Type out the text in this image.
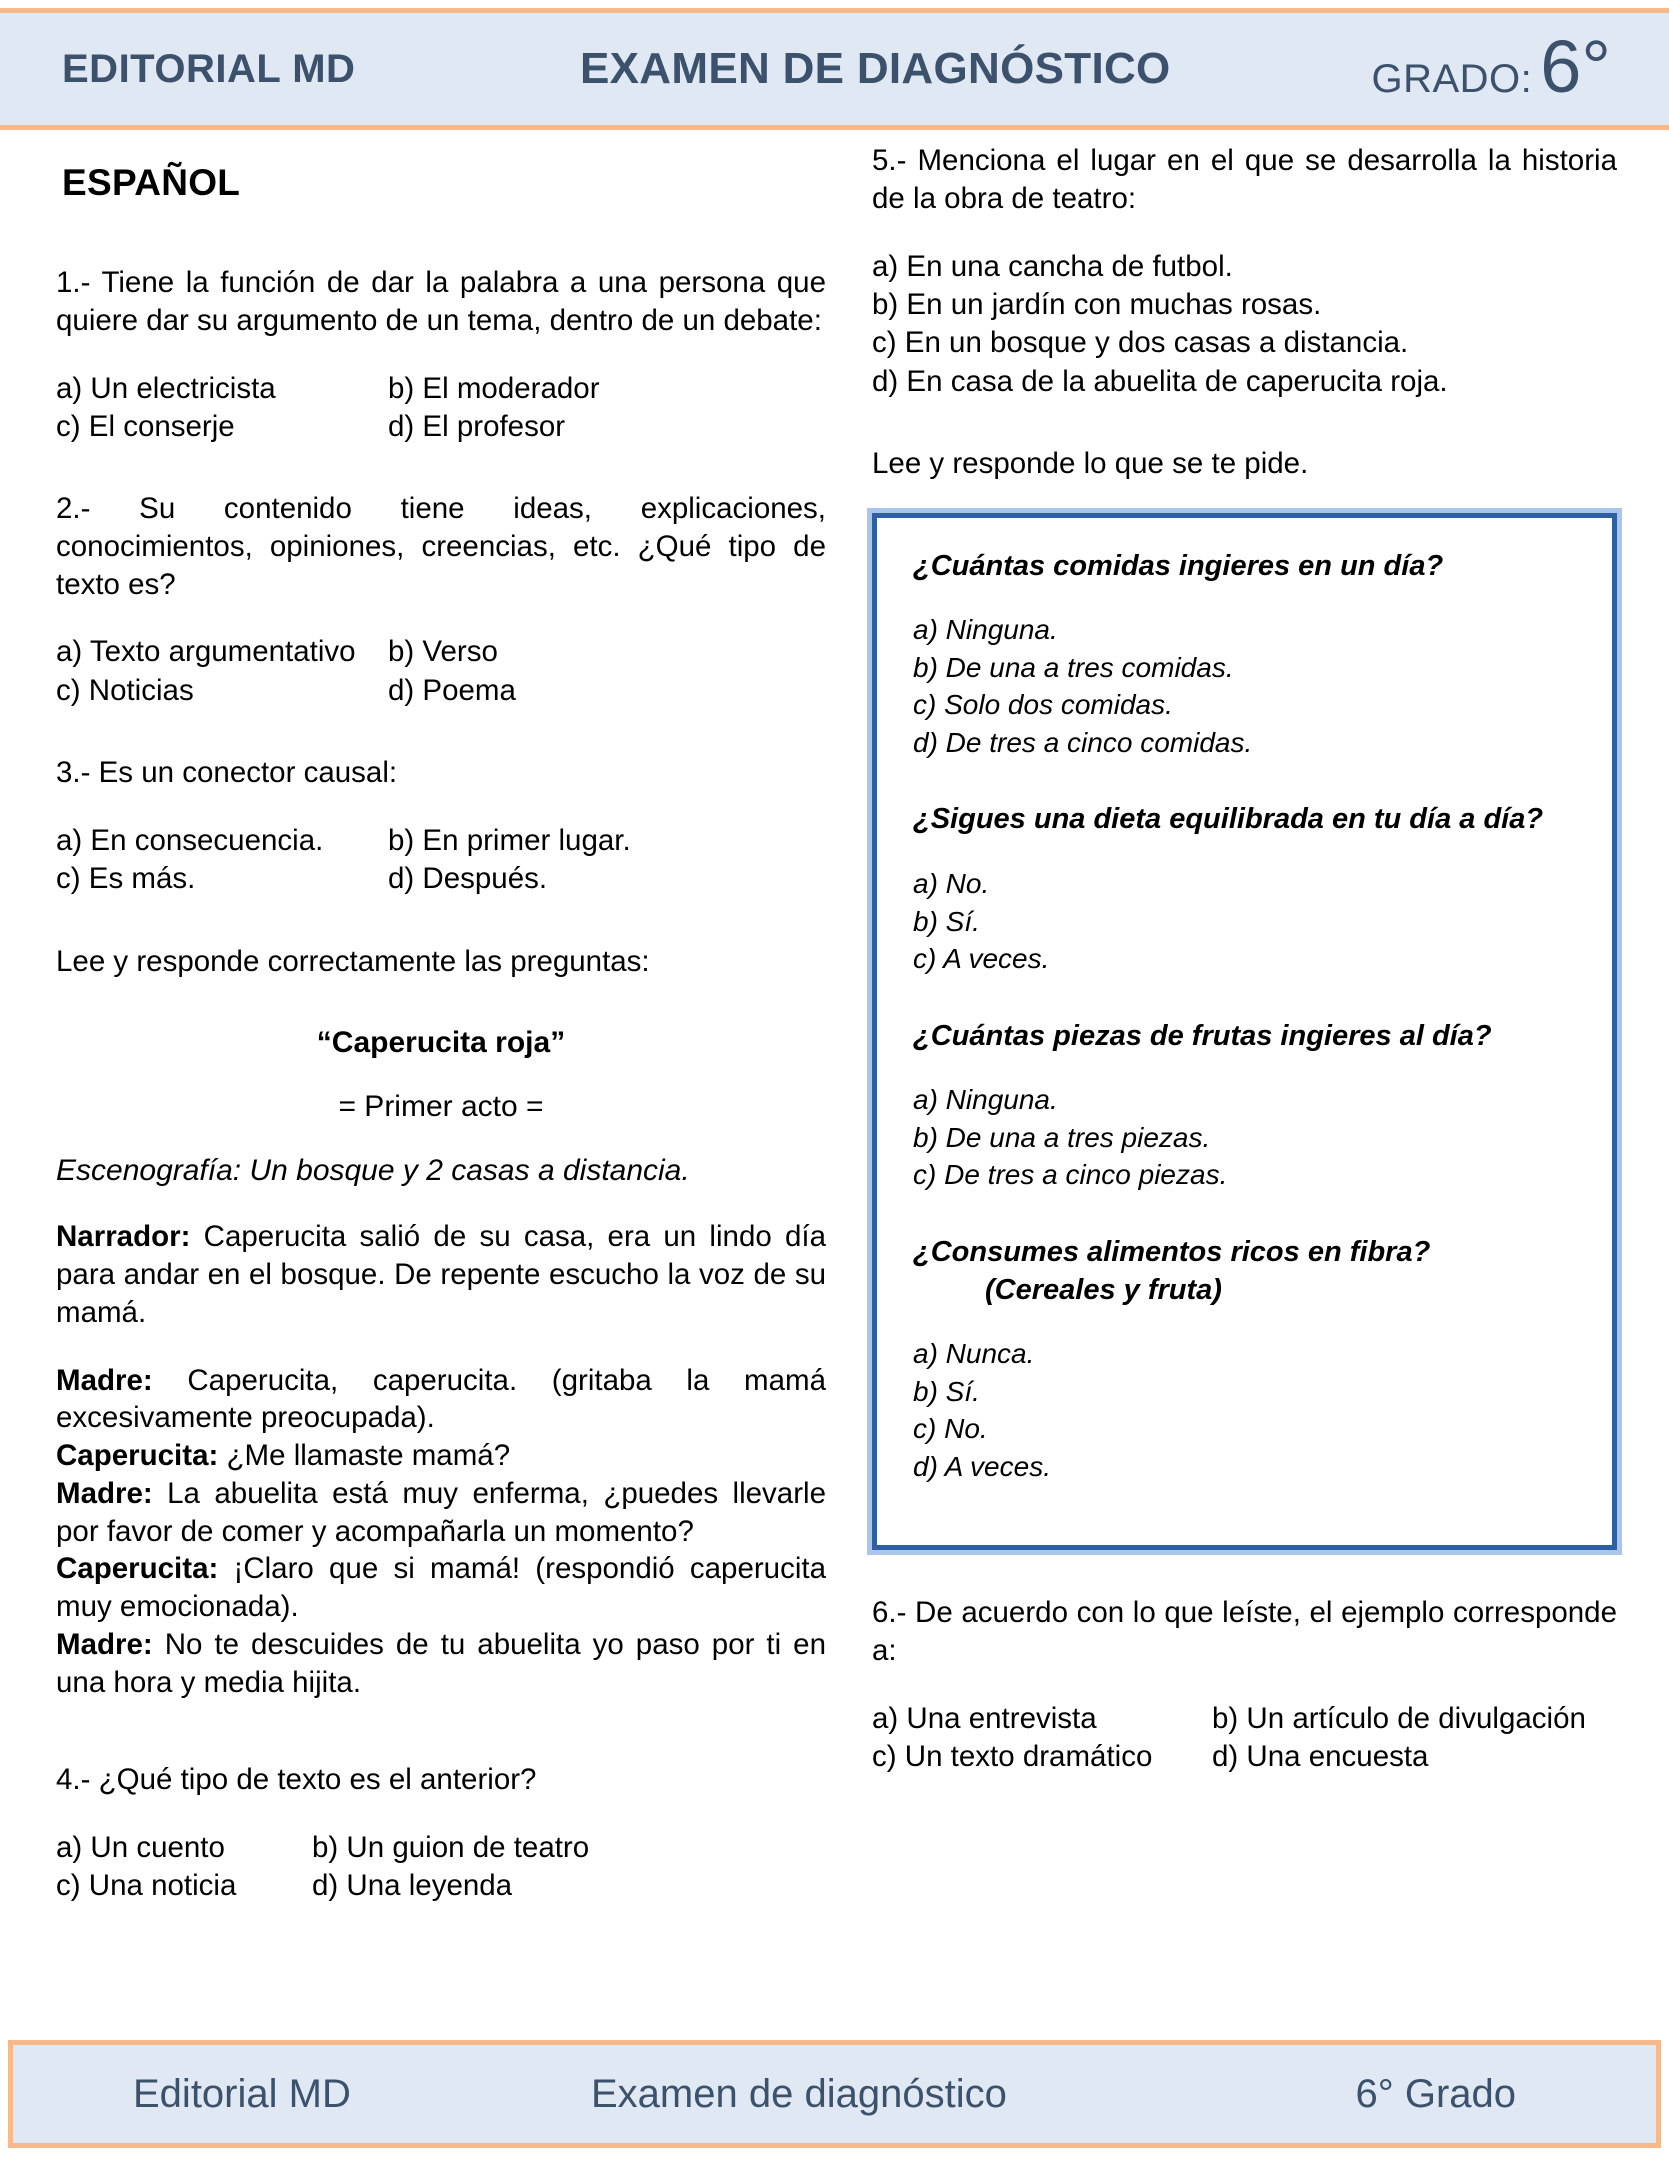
EDITORIAL MD	EXAMEN DE DIAGNÓSTICO	GRADO: 6°
ESPAÑOL

1.- Tiene la función de dar la palabra a una persona que quiere dar su argumento de un tema, dentro de un debate:

a) Un electricista	b) El moderador
c) El conserje	d) El profesor

2.- Su contenido tiene ideas, explicaciones, conocimientos, opiniones, creencias, etc. ¿Qué tipo de texto es?

a) Texto argumentativo	b) Verso
c) Noticias	d) Poema

3.- Es un conector causal:

a) En consecuencia.	b) En primer lugar.
c) Es más.	d) Después.

Lee y responde correctamente las preguntas:

“Caperucita roja”

= Primer acto =

Escenografía: Un bosque y 2 casas a distancia.

Narrador: Caperucita salió de su casa, era un lindo día para andar en el bosque. De repente escucho la voz de su mamá.

Madre: Caperucita, caperucita. (gritaba la mamá excesivamente preocupada).

Caperucita: ¿Me llamaste mamá?

Madre: La abuelita está muy enferma, ¿puedes llevarle por favor de comer y acompañarla un momento?

Caperucita: ¡Claro que si mamá! (respondió caperucita muy emocionada).

Madre: No te descuides de tu abuelita yo paso por ti en una hora y media hijita.

4.- ¿Qué tipo de texto es el anterior?

a) Un cuento	b) Un guion de teatro
c) Una noticia	d) Una leyenda

5.- Menciona el lugar en el que se desarrolla la historia de la obra de teatro:

a) En una cancha de futbol.

b) En un jardín con muchas rosas.

c) En un bosque y dos casas a distancia.

d) En casa de la abuelita de caperucita roja.

Lee y responde lo que se te pide.

¿Cuántas comidas ingieres en un día?

a) Ninguna.

b) De una a tres comidas.

c) Solo dos comidas.

d) De tres a cinco comidas.

¿Sigues una dieta equilibrada en tu día a día?

a) No.

b) Sí.

c) A veces.

¿Cuántas piezas de frutas ingieres al día?

a) Ninguna.

b) De una a tres piezas.

c) De tres a cinco piezas.

¿Consumes alimentos ricos en fibra?

(Cereales y fruta)

a) Nunca.

b) Sí.

c) No.

d) A veces.

6.- De acuerdo con lo que leíste, el ejemplo corresponde a:

a) Una entrevista	b) Un artículo de divulgación
c) Un texto dramático	d) Una encuesta
Editorial MD	Examen de diagnóstico	6° Grado
